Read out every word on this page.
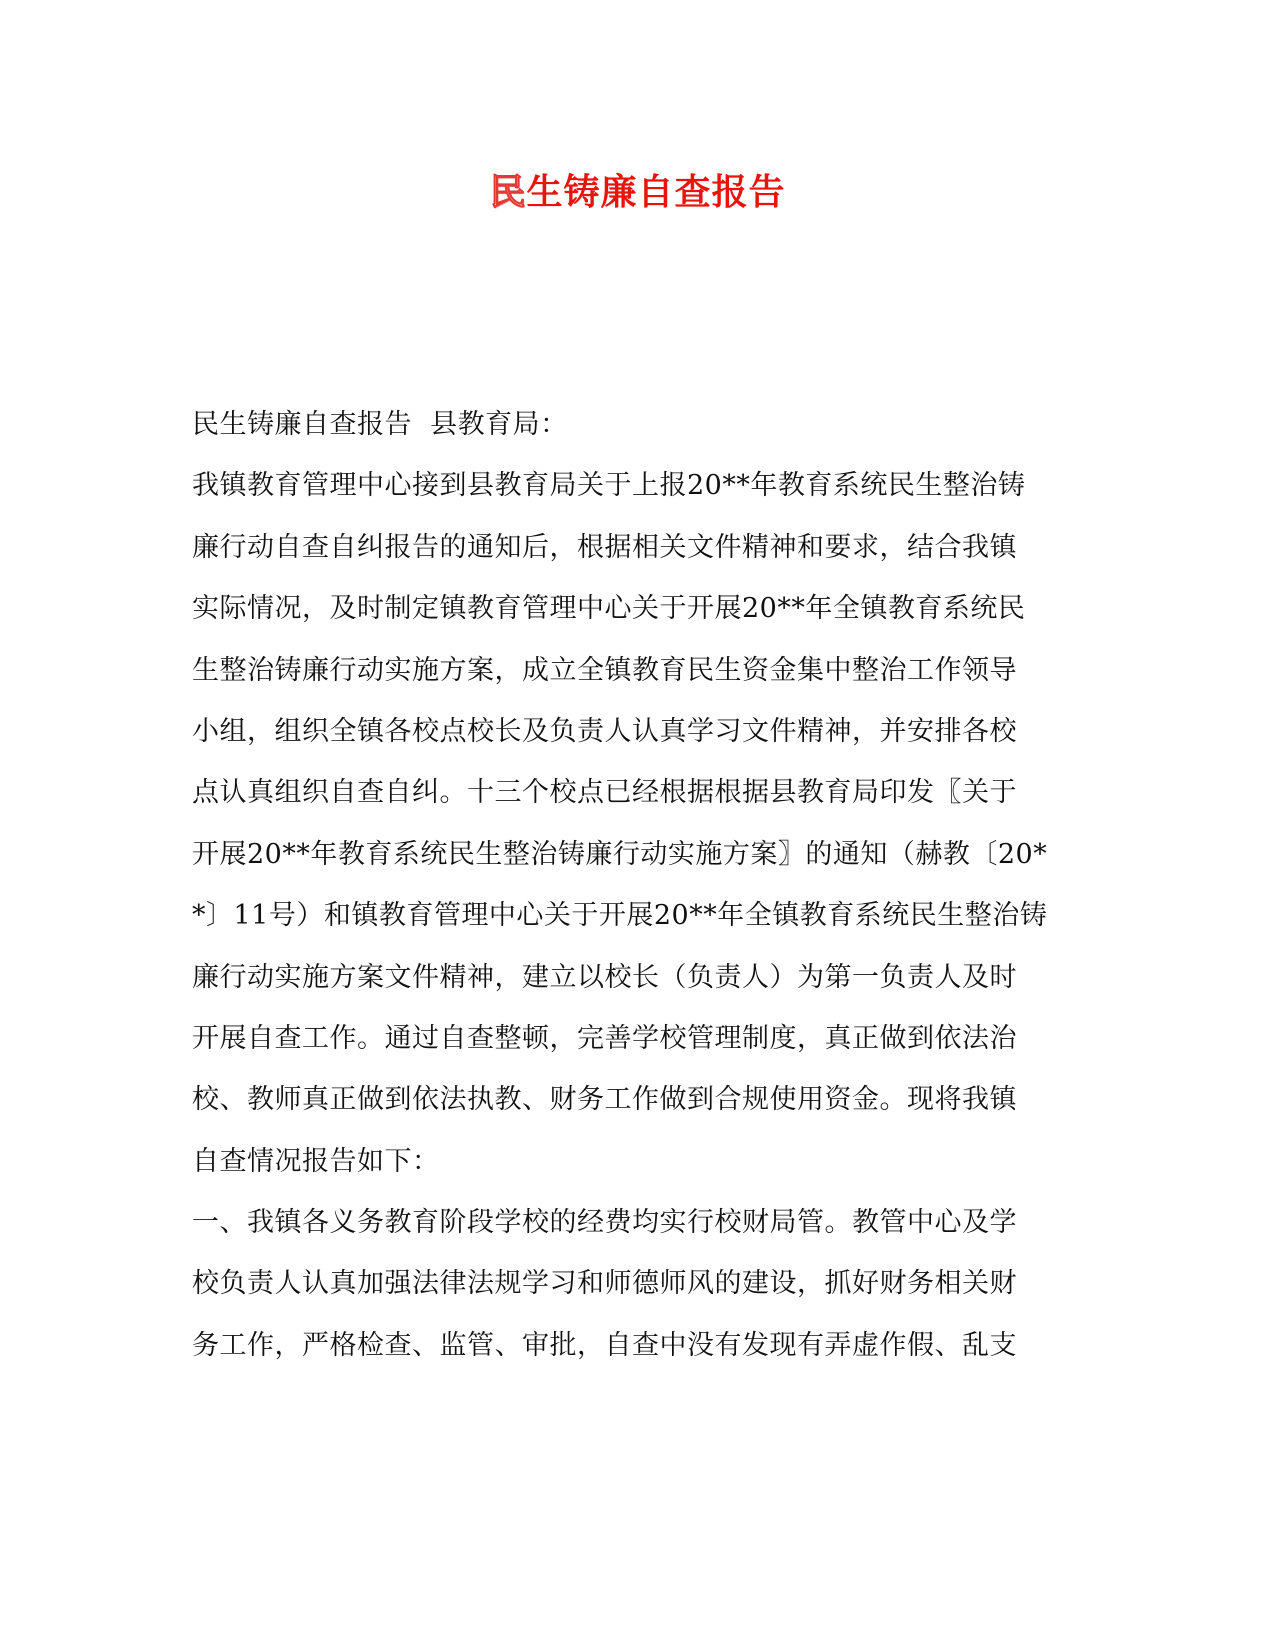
民生铸廉自查报告
民生铸廉自查报告  县教育局：
我镇教育管理中心接到县教育局关于上报20**年教育系统民生整治铸
廉行动自查自纠报告的通知后，根据相关文件精神和要求，结合我镇
实际情况，及时制定镇教育管理中心关于开展20**年全镇教育系统民
生整治铸廉行动实施方案，成立全镇教育民生资金集中整治工作领导
小组，组织全镇各校点校长及负责人认真学习文件精神，并安排各校
点认真组织自查自纠。十三个校点已经根据根据县教育局印发〖关于
开展20**年教育系统民生整治铸廉行动实施方案〗的通知（赫教〔20*
*〕11号）和镇教育管理中心关于开展20**年全镇教育系统民生整治铸
廉行动实施方案文件精神，建立以校长（负责人）为第一负责人及时
开展自查工作。通过自查整顿，完善学校管理制度，真正做到依法治
校、教师真正做到依法执教、财务工作做到合规使用资金。现将我镇
自查情况报告如下：
一、我镇各义务教育阶段学校的经费均实行校财局管。教管中心及学
校负责人认真加强法律法规学习和师德师风的建设，抓好财务相关财
务工作，严格检查、监管、审批，自查中没有发现有弄虚作假、乱支
